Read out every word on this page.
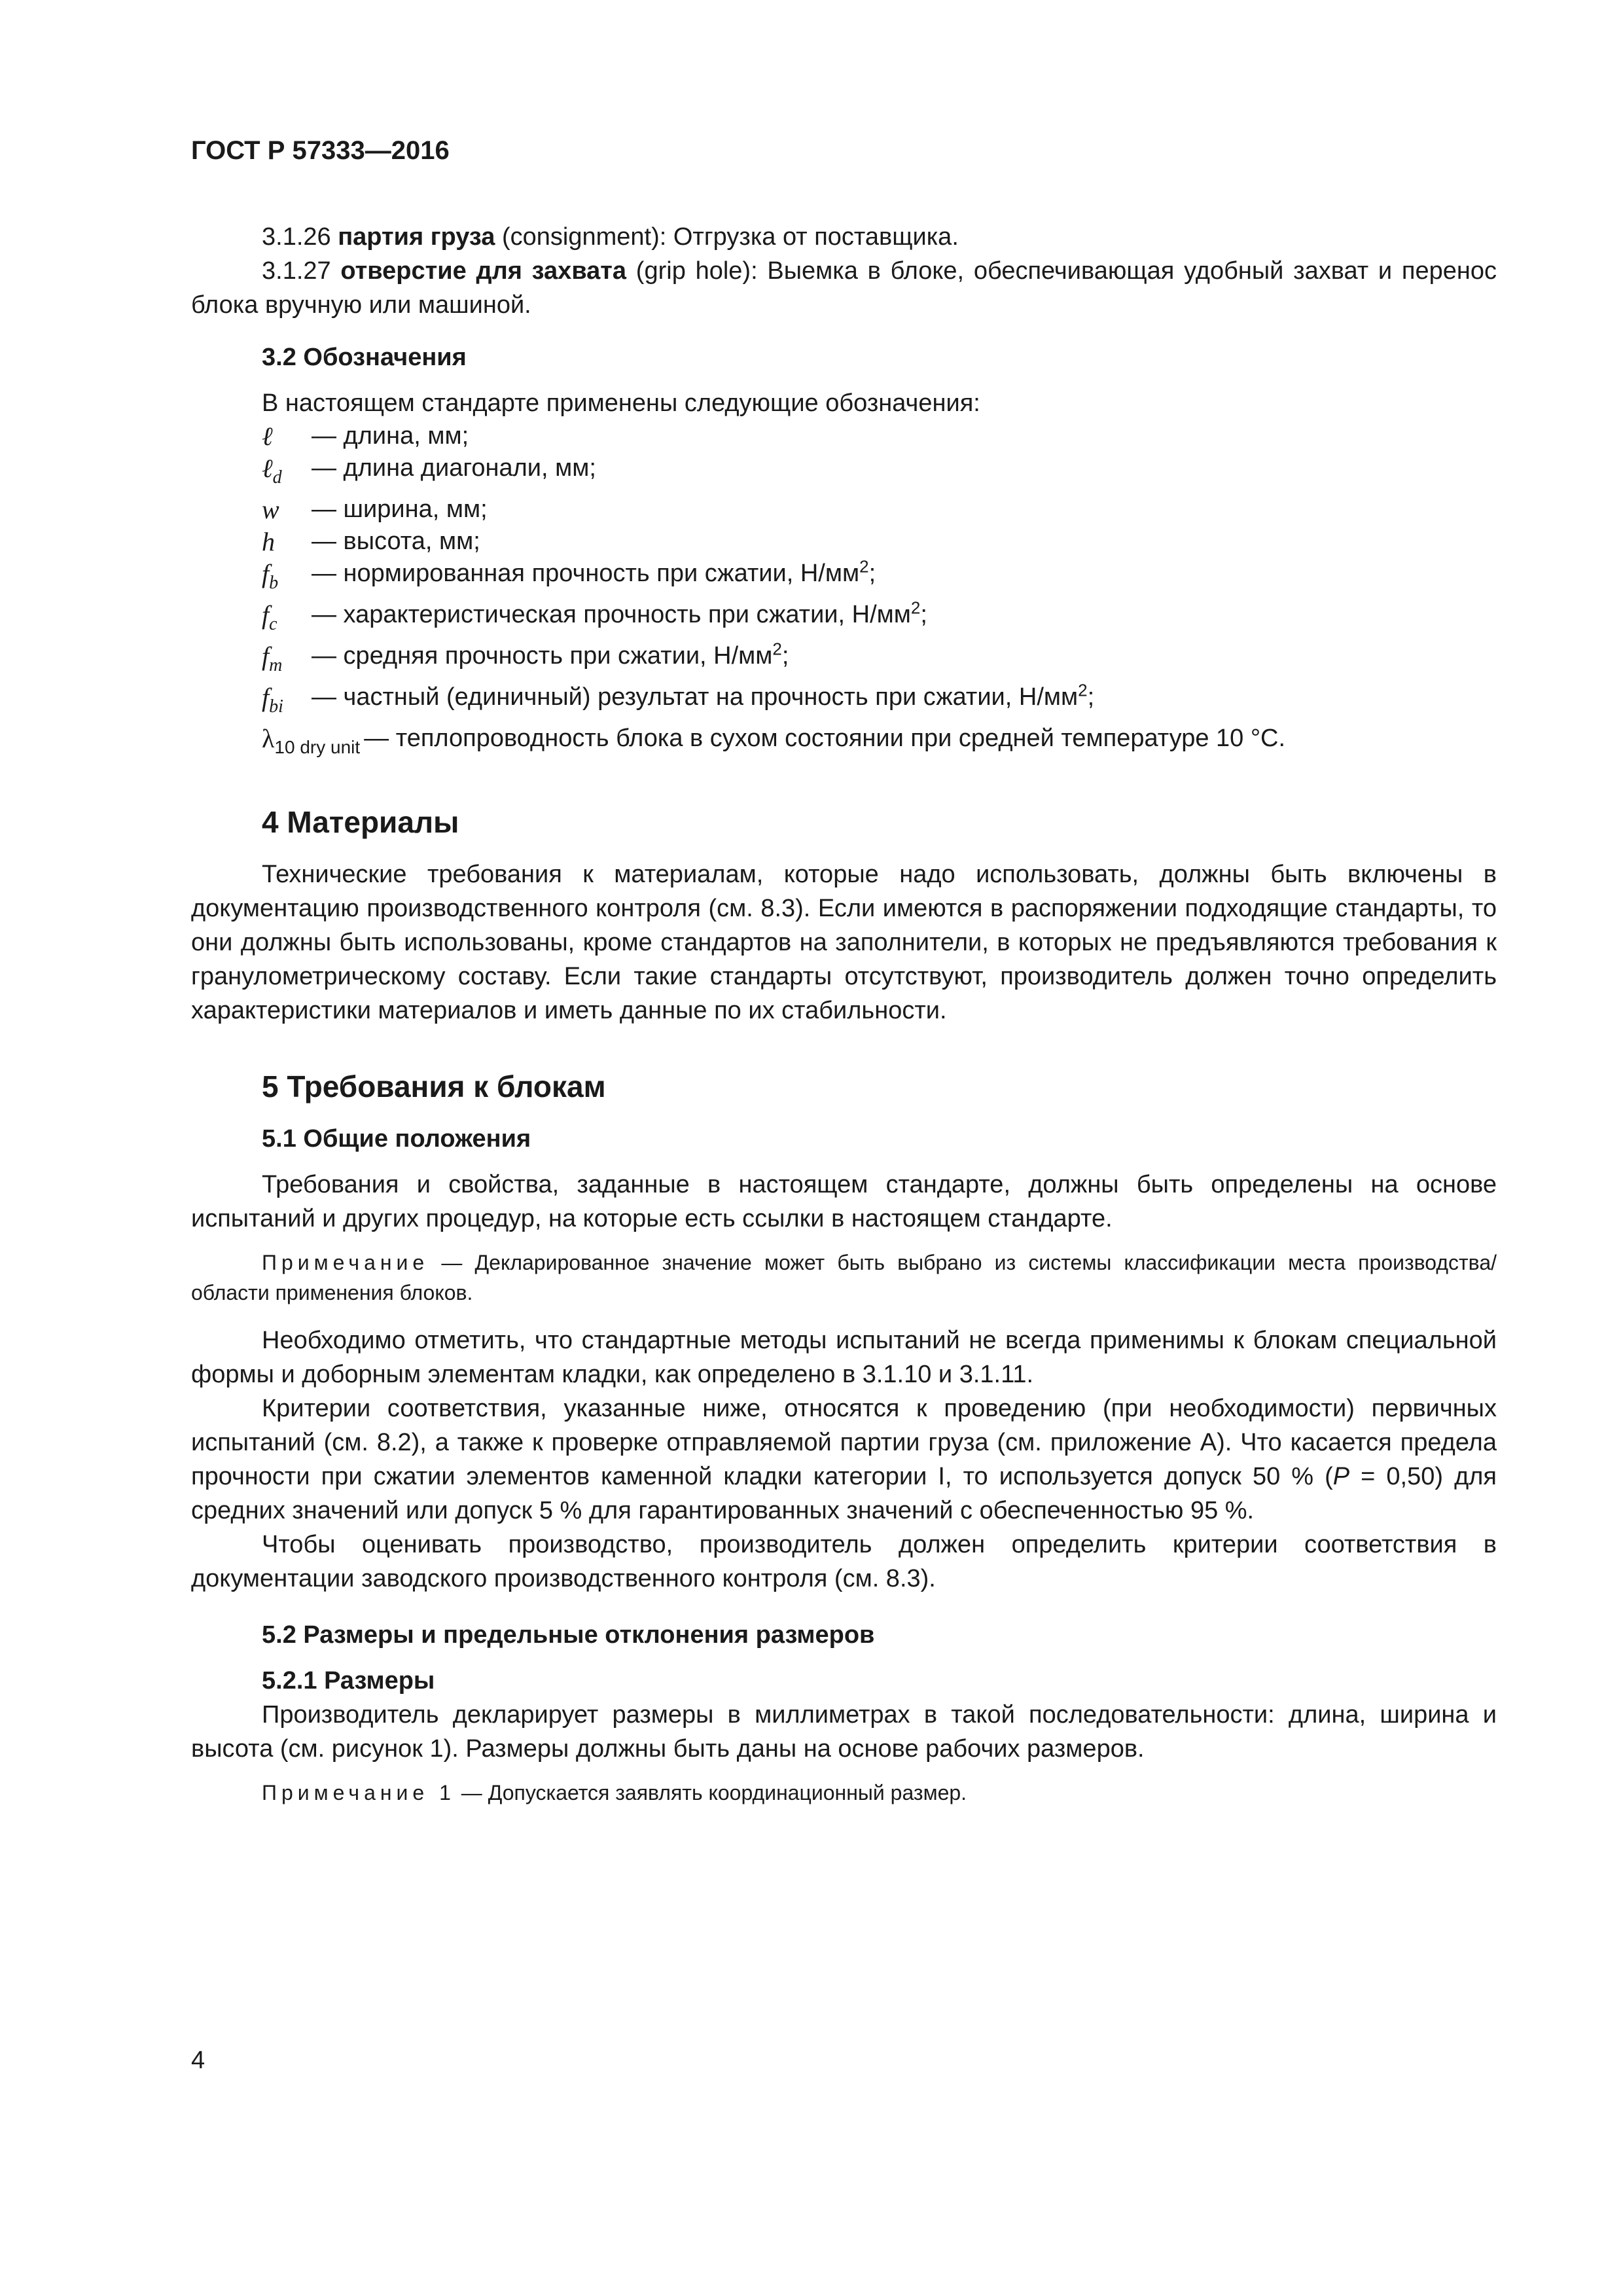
ГОСТ Р 57333—2016

3.1.26 партия груза (consignment): Отгрузка от поставщика.

3.1.27 отверстие для захвата (grip hole): Выемка в блоке, обеспечивающая удобный захват и перенос блока вручную или машиной.

3.2 Обозначения

В настоящем стандарте применены следующие обозначения:

ℓ	— длина, мм;
ℓ$_d$	— длина диагонали, мм;
w	— ширина, мм;
h	— высота, мм;
$f_b$	— нормированная прочность при сжатии, $Н/мм^2$;
$f_c$	— характеристическая прочность при сжатии, $Н/мм^2$;
$f_m$	— средняя прочность при сжатии, $Н/мм^2$;
$f_{bi}$	— частный (единичный) результат на прочность при сжатии, $Н/мм^2$;
$\lambda_{10 dry unit}$ — теплопроводность блока в сухом состоянии при средней температуре 10 °С.
4 Материалы

Технические требования к материалам, которые надо использовать, должны быть включены в документацию производственного контроля (см. 8.3). Если имеются в распоряжении подходящие стандарты, то они должны быть использованы, кроме стандартов на заполнители, в которых не предъявляются требования к гранулометрическому составу. Если такие стандарты отсутствуют, производитель должен точно определить характеристики материалов и иметь данные по их стабильности.

5 Требования к блокам
5.1 Общие положения

Требования и свойства, заданные в настоящем стандарте, должны быть определены на основе испытаний и других процедур, на которые есть ссылки в настоящем стандарте.

Примечание — Декларированное значение может быть выбрано из системы классификации места производства/области применения блоков.

Необходимо отметить, что стандартные методы испытаний не всегда применимы к блокам специальной формы и доборным элементам кладки, как определено в 3.1.10 и 3.1.11.

Критерии соответствия, указанные ниже, относятся к проведению (при необходимости) первичных испытаний (см. 8.2), а также к проверке отправляемой партии груза (см. приложение А). Что касается предела прочности при сжатии элементов каменной кладки категории I, то используется допуск 50 % (P = 0,50) для средних значений или допуск 5 % для гарантированных значений с обеспеченностью 95 %.

Чтобы оценивать производство, производитель должен определить критерии соответствия в документации заводского производственного контроля (см. 8.3).

5.2 Размеры и предельные отклонения размеров
5.2.1 Размеры

Производитель декларирует размеры в миллиметрах в такой последовательности: длина, ширина и высота (см. рисунок 1). Размеры должны быть даны на основе рабочих размеров.

Примечание 1 — Допускается заявлять координационный размер.
4
